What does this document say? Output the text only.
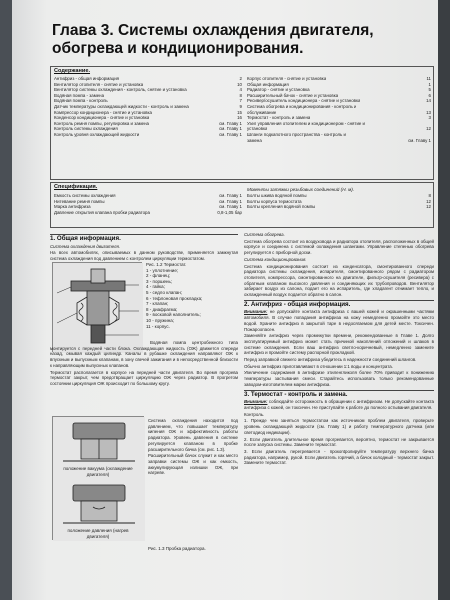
Глава 3. Системы охлаждения двигателя, обогрева и кондиционирования.
Содержание.
Антифриз - общая информация	2
Вентилятор отопителя - снятие и установка	10
Вентилятор системы охлаждения - контроль, снятие и установка	4
Водяная помпа - замена	8
Водяная помпа - контроль	7
Датчик температуры охлаждающей жидкости - контроль и замена	9
Компрессор кондиционера - снятие и установка	15
Конденсор кондиционера - снятие и установка	16
Контроль ремня помпы, регулировка и замена	см. Главу 1
Контроль системы охлаждения	см. Главу 1
Контроль уровня охлаждающей жидкости	см. Главу 1
Корпус отопителя - снятие и установка	11
Общая информация	1
Радиатор - снятие и установка	5
Расширительный бачок - снятие и установка	6
Ресивер/осушитель кондиционера - снятие и установка	14
Система обогрева и кондиционирования - контроль и
обслуживание	13
Термостат - контроль и замена	3
Узел управления отопителем и кондиционером - снятие и
установка	12
Шланги подкапотного пространства - контроль и
замена	см. Главу 1
Спецификация.
Емкость системы охлаждения	см. Главу 1
Нитевание ремня помпы	см. Главу 1
Марка антифриза	см. Главу 1
Давление открытия клапана пробки радиатора	0,8-1,05 бар
Моменты затяжки резьбовых соединений (Н. м).
Болты шкива водяной помпы	8
Болты корпуса термостата	12
Болты крепления водяной помпы	12
1. Общая информация.

Система охлаждения двигателя.

На всех автомобилях, описываемых в данном руководстве, применяется замкнутая система охлаждения под давлением с контролем циркуляции термостатом.

Рис. 1.2 Термостат.
1 - уплотнение;
2 - фланец;
3 - поршень;
4 - гайка;
5 - седло клапан;
6 - тефлоновая прокладка;
7 - клапан;
8 - диафрагма;
9 - восковой наполнитель;
10 - пружина;
11 - корпус.

Водяная помпа центробежного типа монтируется с передней части блока. Охлаждающая жидкость (ОЖ) движется спереди назад, омывая каждый цилиндр. Каналы в рубашке охлаждения направляют ОЖ к впускным и выпускным клапанам, в зону свечей зажигания и в непосредственной близости к направляющим выпускных клапанов.

Термостат располагается в корпусе на передней части двигателя. Во время прогрева термостат закрыт, чем предотвращает циркуляцию ОЖ через радиатор. В прогретом состоянии циркуляция ОЖ происходит по большому кругу.

положение вакуума (охлаждение двигателя)
положение давления (нагрев двигателя)

Система охлаждения находится под давлением, что повышает температуру кипения ОЖ и эффективность работы радиатора. Уровень давления в системе регулируется клапаном в пробке расширительного бачка (см. рис. 1.3).

Расширительный бачок служит и как место заправки системы ОЖ и как емкость, аккумулирующая излишки ОЖ, при нагреве.

Рис. 1.3 Пробка радиатора.

Система обогрева.

Система обогрева состоит из воздуховода и радиатора отопителя, расположенных в общей корпусе и соединена с системой охлаждения шлангами. Управление степенью обогрева регулируется с приборной доски.

Система кондиционирования.

Система кондиционирования состоит из конденсатора, смонтированного спереди радиатора системы охлаждения, испарителя, смонтированного рядом с радиатором отопителя, компрессора, смонтированного на двигателе, фильтр-осушителя (ресивера) с обратным клапаном высокого давления и соединяющих их трубопроводов. Вентилятор забирает воздух из салона, подает его на испаритель, где хладагент отнимает тепло, и охлажденный воздух подается обратно в салон.

2. Антифриз - общая информация.

Внимание: не допускайте контакта антифриза с вашей кожей и окрашенными частями автомобиля. В случае попадания антифриза на кожу немедленно промойте это место водой. Храните антифриз в закрытой таре в недосягаемом для детей месте. Токсичен. Пожароопасен.

Заменяйте антифриз через промежутки времени, рекомендованные в Главе 1. Долго эксплуатируемый антифриз может стать причиной накоплений отложений и шлаков в системе охлаждения. Если ваш антифриз светло-коричневый, немедленно замените антифриз и промойте систему распорной прокладкой.

Перед заправкой свежего антифриза убедитесь в надежности соединений шлангов.

Обычно антифриз приготавливают в отношении 1:1 воды и концентрата.

Увеличение содержания в антифризе этиленгликоля более 70% приводит к понижению температуры застывания смеси. Старайтесь использовать только рекомендованные заводом-изготовителем марки антифриза.

3. Термостат - контроль и замена.

Внимание: соблюдайте осторожность в обращении с антифризом. Не допускайте контакта антифриза с кожей, он токсичен. Не приступайте к работе до полного остывания двигателя.

Контроль.

1. Прежде чем заняться термостатом как источником проблем двигателя, проверьте уровень охлаждающей жидкости (см. Главу 1) и работу температурного датчика (или светодиод индикации).

2. Если двигатель длительное время прогревается, вероятно, термостат не закрывается после запуска системы. Замените термостат.

3. Если двигатель перегревается - прокontролируйте температуру верхнего бачка радиатора, например, рукой. Если двигатель горячий, а бачок холодный - термостат закрыт. Замените термостат.
